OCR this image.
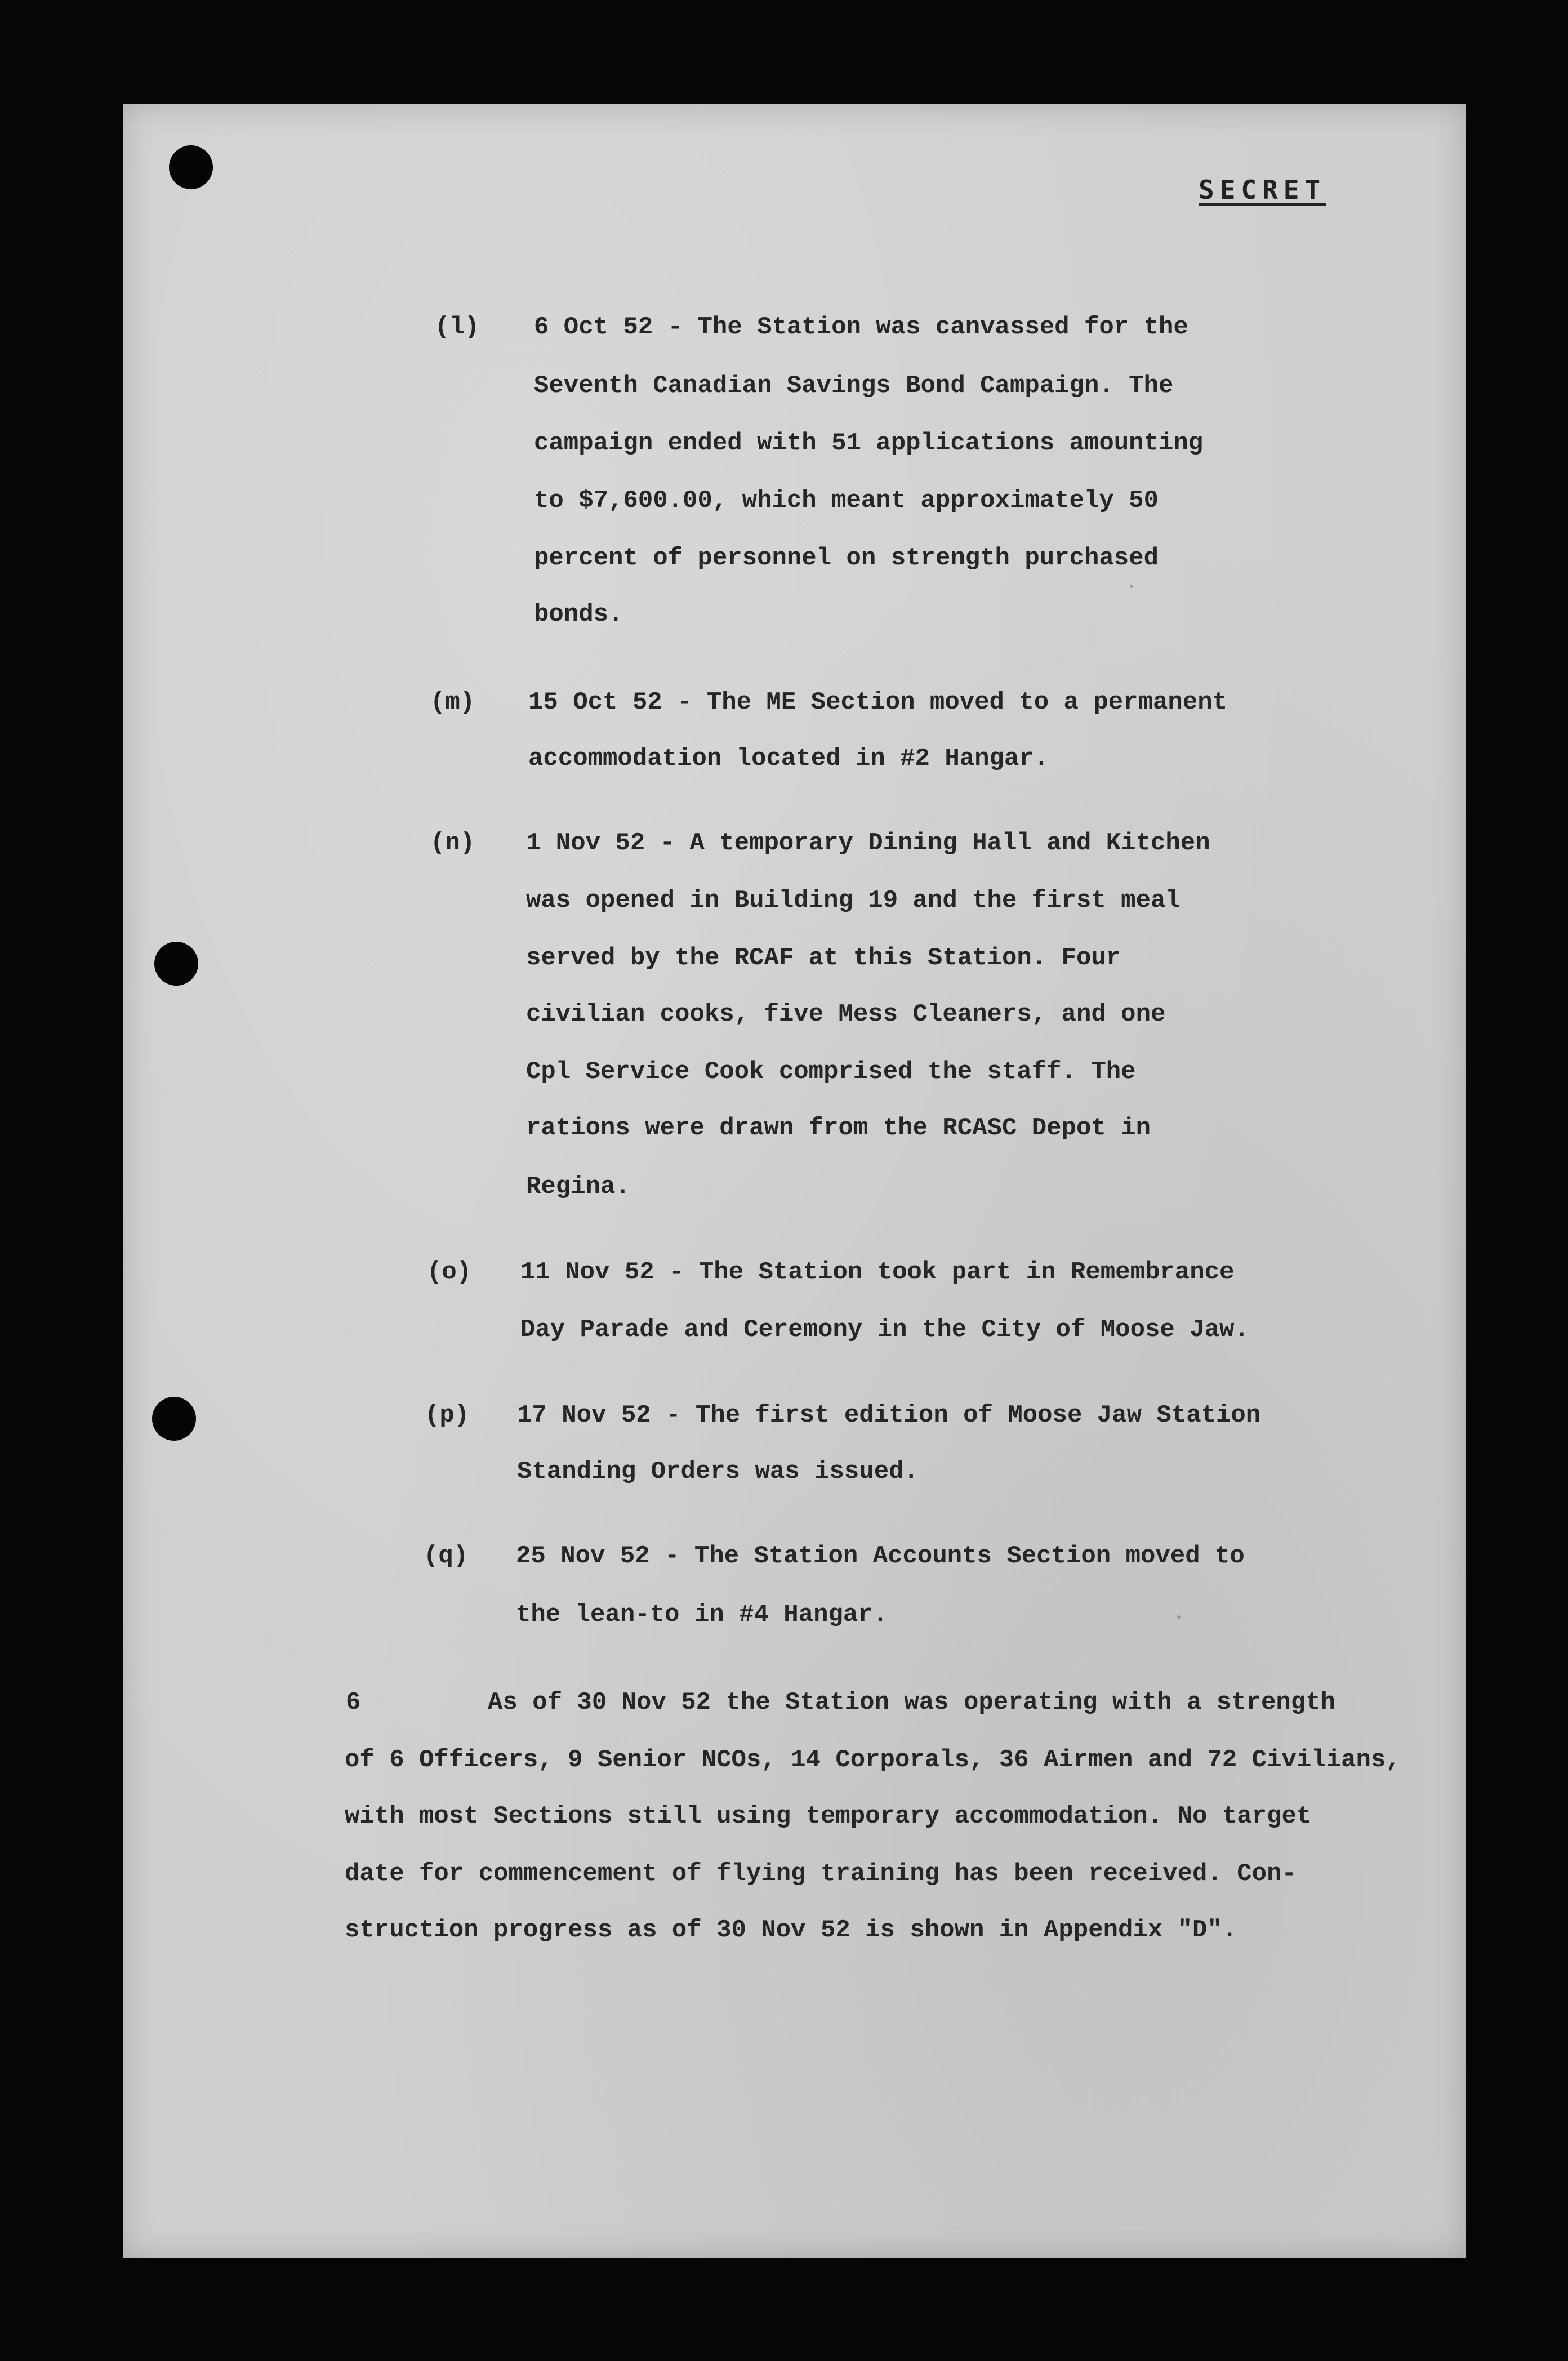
SECRET
(l) 6 Oct 52 - The Station was canvassed for the
Seventh Canadian Savings Bond Campaign. The
campaign ended with 51 applications amounting
to $7,600.00, which meant approximately 50
percent of personnel on strength purchased
bonds.
(m) 15 Oct 52 - The ME Section moved to a permanent
accommodation located in #2 Hangar.
(n) 1 Nov 52 - A temporary Dining Hall and Kitchen
was opened in Building 19 and the first meal
served by the RCAF at this Station. Four
civilian cooks, five Mess Cleaners, and one
Cpl Service Cook comprised the staff. The
rations were drawn from the RCASC Depot in
Regina.
(o) 11 Nov 52 - The Station took part in Remembrance
Day Parade and Ceremony in the City of Moose Jaw.
(p) 17 Nov 52 - The first edition of Moose Jaw Station
Standing Orders was issued.
(q) 25 Nov 52 - The Station Accounts Section moved to
the lean-to in #4 Hangar.
6	As of 30 Nov 52 the Station was operating with a strength
of 6 Officers, 9 Senior NCOs, 14 Corporals, 36 Airmen and 72 Civilians,
with most Sections still using temporary accommodation. No target
date for commencement of flying training has been received. Con-
struction progress as of 30 Nov 52 is shown in Appendix "D".
